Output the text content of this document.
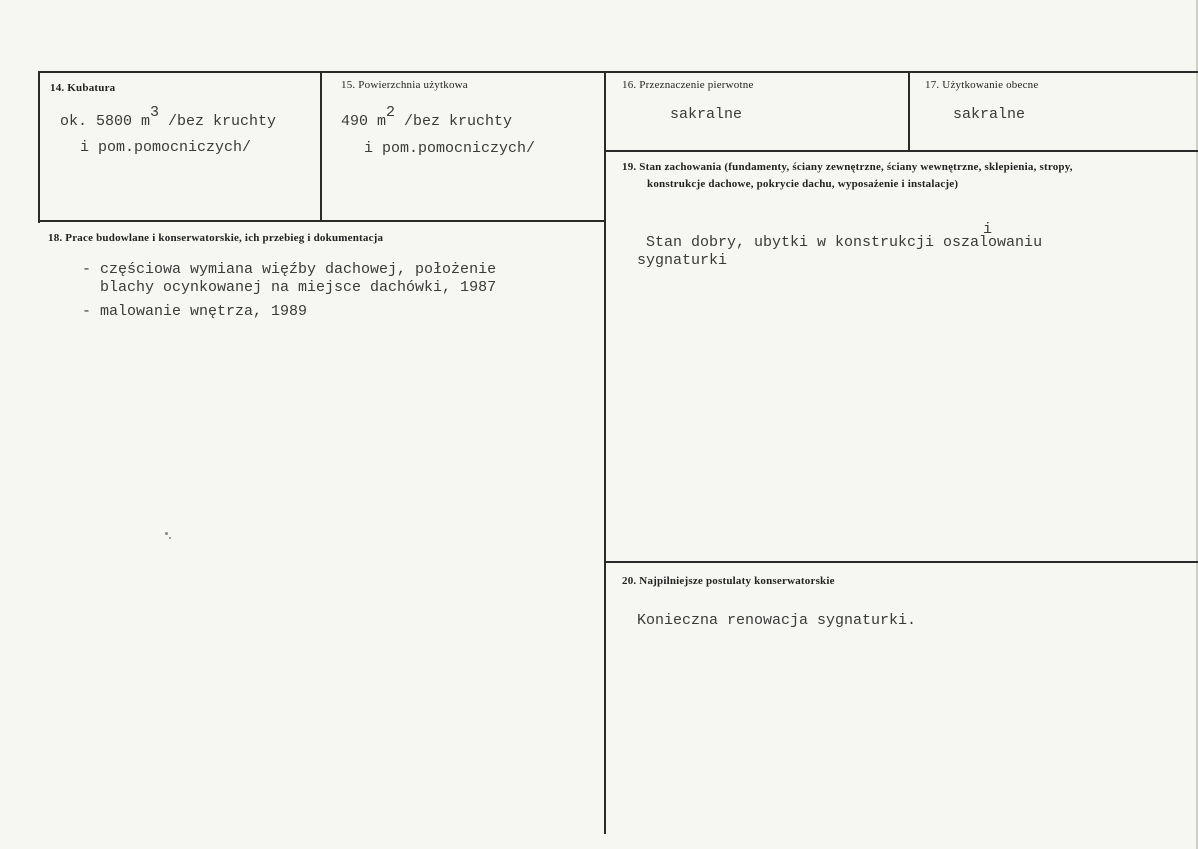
14. Kubatura
ok. 5800 m3 /bez kruchty
i pom.pomocniczych/
15. Powierzchnia użytkowa
490 m2 /bez kruchty
i pom.pomocniczych/
16. Przeznaczenie pierwotne
sakralne
17. Użytkowanie obecne
sakralne
18. Prace budowlane i konserwatorskie, ich przebieg i dokumentacja
- częściowa wymiana więźby dachowej, położenie
blachy ocynkowanej na miejsce dachówki, 1987
- malowanie wnętrza, 1989
19. Stan zachowania (fundamenty, ściany zewnętrzne, ściany wewnętrzne, sklepienia, stropy,
konstrukcje dachowe, pokrycie dachu, wyposażenie i instalacje)
i
Stan dobry, ubytki w konstrukcji oszalowaniu
sygnaturki
20. Najpilniejsze postulaty konserwatorskie
Konieczna renowacja sygnaturki.
